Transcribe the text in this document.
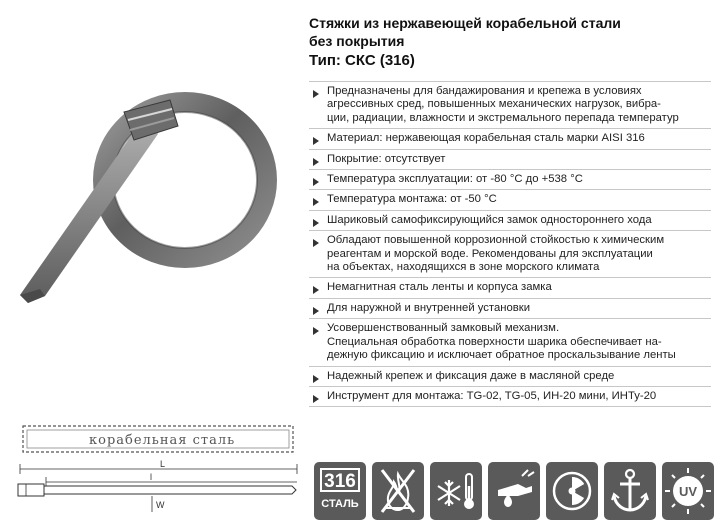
корабельная сталь
L
l
W
Стяжки из нержавеющей корабельной стали
без покрытия
Тип: СКС (316)
Предназначены для бандажирования и крепежа в условиях
агрессивных сред, повышенных механических нагрузок, вибра-
ции, радиации, влажности и экстремального перепада температур
Материал: нержавеющая корабельная сталь марки AISI 316
Покрытие: отсутствует
Температура эксплуатации: от -80 °C до +538 °C
Температура монтажа: от -50 °C
Шариковый самофиксирующийся замок одностороннего хода
Обладают повышенной коррозионной стойкостью к химическим
реагентам и морской воде. Рекомендованы для эксплуатации
на объектах, находящихся в зоне морского климата
Немагнитная сталь ленты и корпуса замка
Для наружной и внутренней установки
Усовершенствованный замковый механизм.
Специальная обработка поверхности шарика обеспечивает на-
дежную фиксацию и исключает обратное проскальзывание ленты
Надежный крепеж и фиксация даже в масляной среде
Инструмент для монтажа: TG-02, TG-05, ИН-20 мини, ИНТу-20
316
СТАЛЬ
UV
